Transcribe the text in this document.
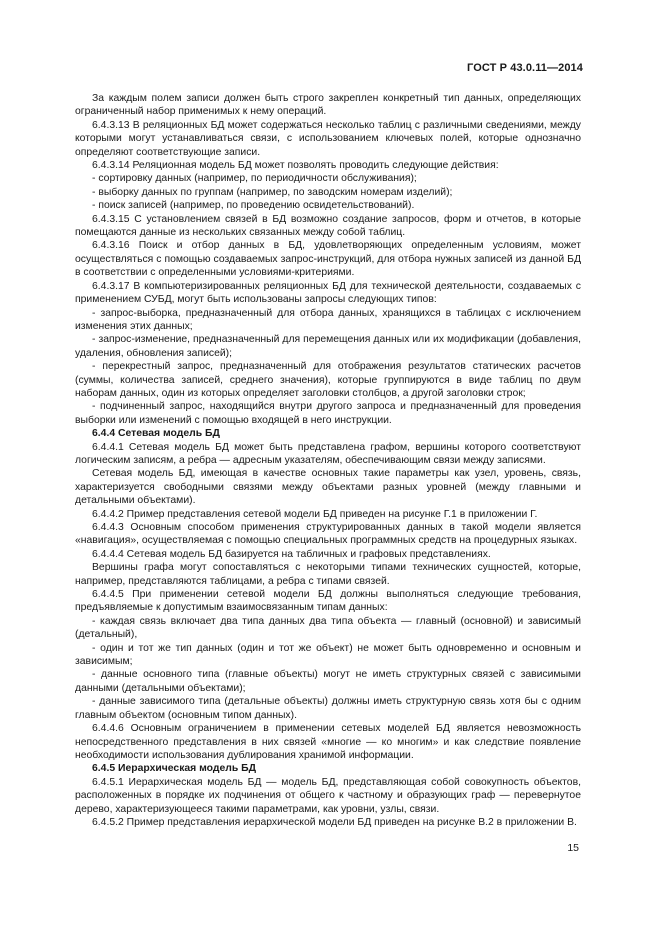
ГОСТ Р 43.0.11—2014

За каждым полем записи должен быть строго закреплен конкретный тип данных, определяющих ограниченный набор применимых к нему операций.

6.4.3.13 В реляционных БД может содержаться несколько таблиц с различными сведениями, между которыми могут устанавливаться связи, с использованием ключевых полей, которые однозначно определяют соответствующие записи.

6.4.3.14 Реляционная модель БД может позволять проводить следующие действия:

- сортировку данных (например, по периодичности обслуживания);

- выборку данных по группам (например, по заводским номерам изделий);

- поиск записей (например, по проведению освидетельствований).

6.4.3.15 С установлением связей в БД возможно создание запросов, форм и отчетов, в которые помещаются данные из нескольких связанных между собой таблиц.

6.4.3.16 Поиск и отбор данных в БД, удовлетворяющих определенным условиям, может осуществляться с помощью создаваемых запрос-инструкций, для отбора нужных записей из данной БД в соответствии с определенными условиями-критериями.

6.4.3.17 В компьютеризированных реляционных БД для технической деятельности, создаваемых с применением СУБД, могут быть использованы запросы следующих типов:

- запрос-выборка, предназначенный для отбора данных, хранящихся в таблицах с исключением изменения этих данных;

- запрос-изменение, предназначенный для перемещения данных или их модификации (добавления, удаления, обновления записей);

- перекрестный запрос, предназначенный для отображения результатов статических расчетов (суммы, количества записей, среднего значения), которые группируются в виде таблиц по двум наборам данных, один из которых определяет заголовки столбцов, а другой заголовки строк;

- подчиненный запрос, находящийся внутри другого запроса и предназначенный для проведения выборки или изменений с помощью входящей в него инструкции.

6.4.4 Сетевая модель БД

6.4.4.1 Сетевая модель БД может быть представлена графом, вершины которого соответствуют логическим записям, а ребра — адресным указателям, обеспечивающим связи между записями.

Сетевая модель БД, имеющая в качестве основных такие параметры как узел, уровень, связь, характеризуется свободными связями между объектами разных уровней (между главными и детальными объектами).

6.4.4.2 Пример представления сетевой модели БД приведен на рисунке Г.1 в приложении Г.

6.4.4.3 Основным способом применения структурированных данных в такой модели является «навигация», осуществляемая с помощью специальных программных средств на процедурных языках.

6.4.4.4 Сетевая модель БД базируется на табличных и графовых представлениях.

Вершины графа могут сопоставляться с некоторыми типами технических сущностей, которые, например, представляются таблицами, а ребра с типами связей.

6.4.4.5 При применении сетевой модели БД должны выполняться следующие требования, предъявляемые к допустимым взаимосвязанным типам данных:

- каждая связь включает два типа данных два типа объекта — главный (основной) и зависимый (детальный),

- один и тот же тип данных (один и тот же объект) не может быть одновременно и основным и зависимым;

- данные основного типа (главные объекты) могут не иметь структурных связей с зависимыми данными (детальными объектами);

- данные зависимого типа (детальные объекты) должны иметь структурную связь хотя бы с одним главным объектом (основным типом данных).

6.4.4.6 Основным ограничением в применении сетевых моделей БД является невозможность непосредственного представления в них связей «многие — ко многим» и как следствие появление необходимости использования дублирования хранимой информации.

6.4.5 Иерархическая модель БД

6.4.5.1 Иерархическая модель БД — модель БД, представляющая собой совокупность объектов, расположенных в порядке их подчинения от общего к частному и образующих граф — перевернутое дерево, характеризующееся такими параметрами, как уровни, узлы, связи.

6.4.5.2 Пример представления иерархической модели БД приведен на рисунке В.2 в приложении В.

15
